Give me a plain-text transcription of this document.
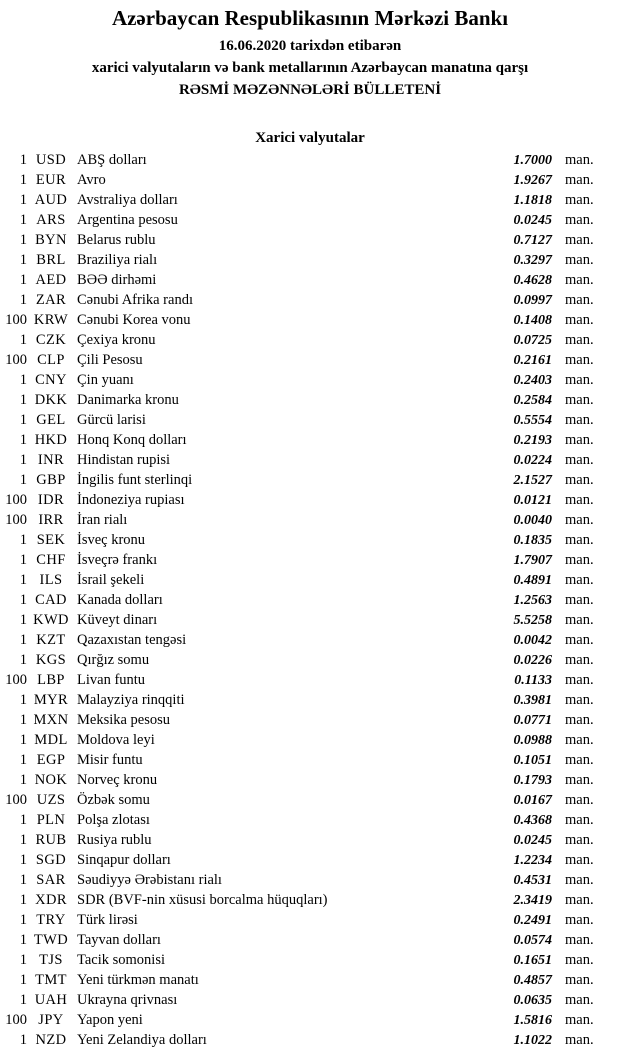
Azərbaycan Respublikasının Mərkəzi Bankı
16.06.2020 tarixdən etibarən
xarici valyutaların və bank metallarının Azərbaycan manatına qarşı
RƏSMİ MƏZƏNNƏLƏRİ BÜLLETENİ
Xarici valyutalar
1 USD ABŞ dolları	1.7000 man.
1 EUR Avro	1.9267 man.
1 AUD Avstraliya dolları	1.1818 man.
1 ARS Argentina pesosu	0.0245 man.
1 BYN Belarus rublu	0.7127 man.
1 BRL Braziliya rialı	0.3297 man.
1 AED BƏƏ dirhəmi	0.4628 man.
1 ZAR Cənubi Afrika randı	0.0997 man.
100 KRW Cənubi Korea vonu	0.1408 man.
1 CZK Çexiya kronu	0.0725 man.
100 CLP Çili Pesosu	0.2161 man.
1 CNY Çin yuanı	0.2403 man.
1 DKK Danimarka kronu	0.2584 man.
1 GEL Gürcü larisi	0.5554 man.
1 HKD Honq Konq dolları	0.2193 man.
1 INR Hindistan rupisi	0.0224 man.
1 GBP İngilis funt sterlinqi	2.1527 man.
100 IDR İndoneziya rupiası	0.0121 man.
100 IRR İran rialı	0.0040 man.
1 SEK İsveç kronu	0.1835 man.
1 CHF İsveçrə frankı	1.7907 man.
1 ILS	İsrail şekeli	0.4891 man.
1 CAD Kanada dolları	1.2563 man.
1 KWD Küveyt dinarı	5.5258 man.
1 KZT Qazaxıstan tengəsi	0.0042 man.
1 KGS Qırğız somu	0.0226 man.
100 LBP Livan funtu	0.1133 man.
1 MYR Malayziya rinqqiti	0.3981 man.
1 MXN Meksika pesosu	0.0771 man.
1 MDL Moldova leyi	0.0988 man.
1 EGP Misir funtu	0.1051 man.
1 NOK Norveç kronu	0.1793 man.
100 UZS Özbək somu	0.0167 man.
1 PLN Polşa zlotası	0.4368 man.
1 RUB Rusiya rublu	0.0245 man.
1 SGD Sinqapur dolları	1.2234 man.
1 SAR Səudiyyə Ərəbistanı rialı	0.4531 man.
1 XDR SDR (BVF-nin xüsusi borcalma hüquqları)	2.3419 man.
1 TRY Türk lirəsi	0.2491 man.
1 TWD Tayvan dolları	0.0574 man.
1 TJS Tacik somonisi	0.1651 man.
1 TMT Yeni türkmən manatı	0.4857 man.
1 UAH Ukrayna qrivnası	0.0635 man.
100 JPY Yapon yeni	1.5816 man.
1 NZD Yeni Zelandiya dolları	1.1022 man.
